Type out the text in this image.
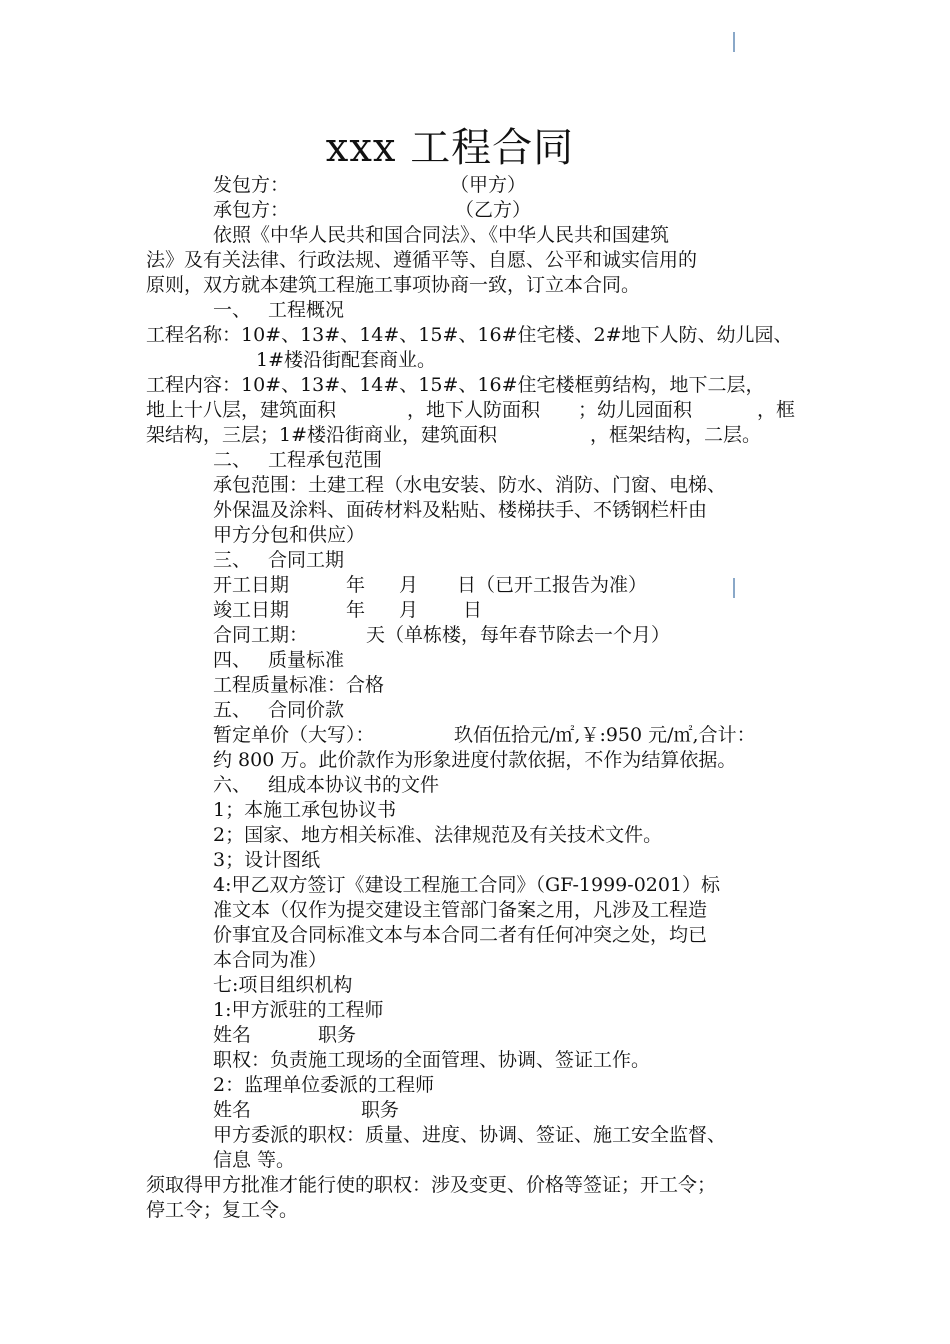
xxx 工程合同
发包方：	（甲方）
承包方：	（乙方）
依照《中华人民共和国合同法》、《中华人民共和国建筑
法》及有关法律、行政法规、遵循平等、自愿、公平和诚实信用的
原则，双方就本建筑工程施工事项协商一致，订立本合同。
一、 工程概况
工程名称：10#、13#、14#、15#、16#住宅楼、2#地下人防、幼儿园、
1#楼沿街配套商业。
工程内容：10#、13#、14#、15#、16#住宅楼框剪结构，地下二层，
地上十八层，建筑面积	，地下人防面积 ；幼儿园面积	，框
架结构，三层；1#楼沿街商业，建筑面积	，框架结构，二层。
二、 工程承包范围
承包范围：土建工程（水电安装、防水、消防、门窗、电梯、
外保温及涂料、面砖材料及粘贴、楼梯扶手、不锈钢栏杆由
甲方分包和供应）
三、 合同工期
开工日期	年 月 日（已开工报告为准）
竣工日期	年 月 日
合同工期：	天（单栋楼，每年春节除去一个月）
四、 质量标准
工程质量标准：合格
五、 合同价款
暂定单价（大写）：	玖佰伍拾元/㎡,￥:950 元/㎡,合计：
约 800 万。此价款作为形象进度付款依据，不作为结算依据。
六、 组成本协议书的文件
1；本施工承包协议书
2；国家、地方相关标准、法律规范及有关技术文件。
3；设计图纸
4:甲乙双方签订《建设工程施工合同》（GF-1999-0201）标
准文本（仅作为提交建设主管部门备案之用，凡涉及工程造
价事宜及合同标准文本与本合同二者有任何冲突之处，均已
本合同为准）
七:项目组织机构
1:甲方派驻的工程师
姓名	职务
职权：负责施工现场的全面管理、协调、签证工作。
2：监理单位委派的工程师
姓名	职务
甲方委派的职权：质量、进度、协调、签证、施工安全监督、
信息 等。
须取得甲方批准才能行使的职权：涉及变更、价格等签证；开工令；
停工令；复工令。
